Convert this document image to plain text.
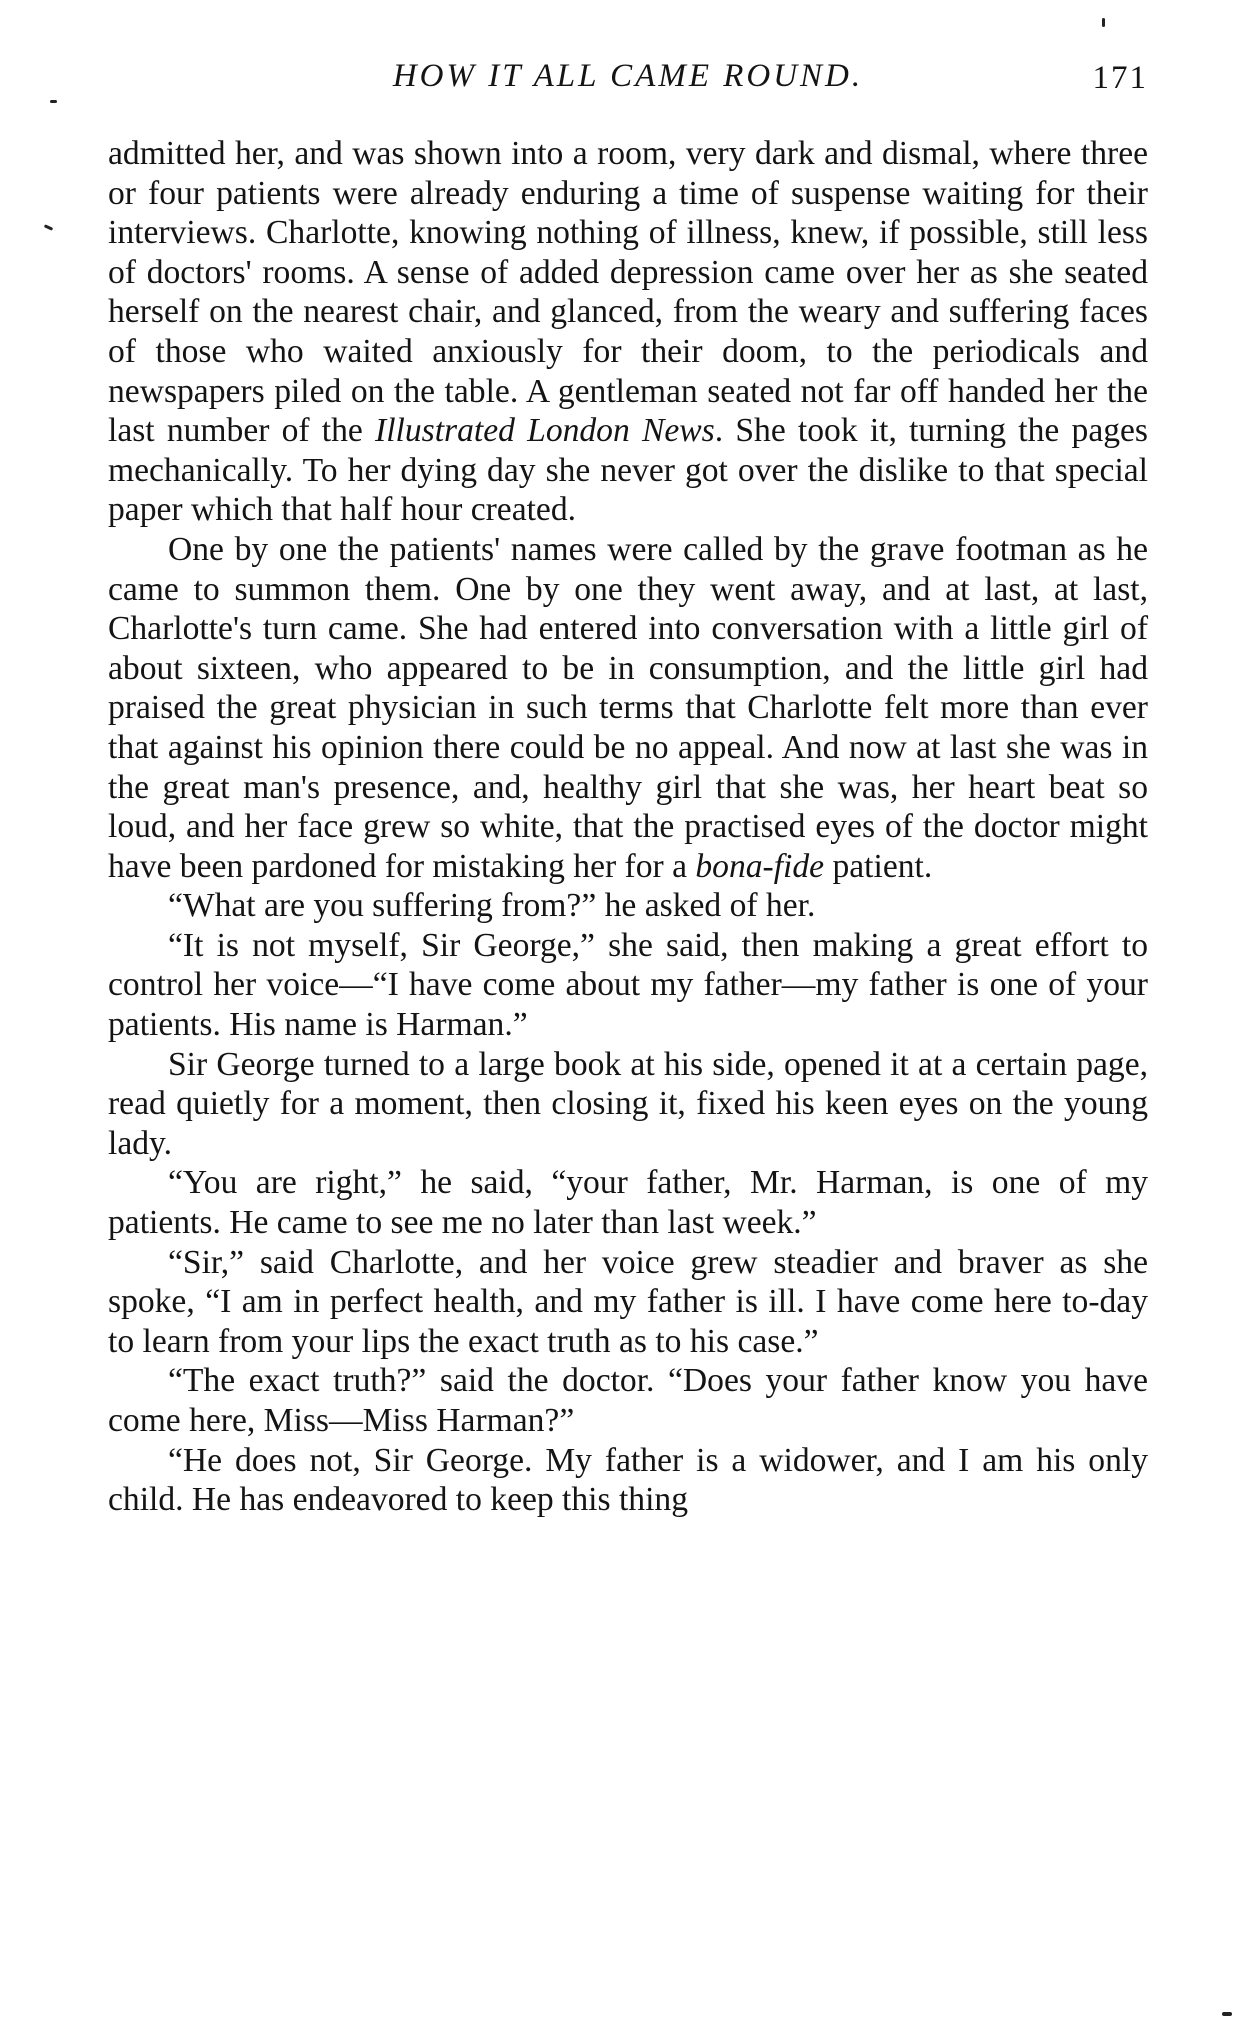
HOW IT ALL CAME ROUND.	171

admitted her, and was shown into a room, very dark and dismal, where three or four patients were already enduring a time of suspense waiting for their interviews. Charlotte, knowing nothing of illness, knew, if possible, still less of doctors' rooms. A sense of added depression came over her as she seated herself on the nearest chair, and glanced, from the weary and suffering faces of those who waited anxiously for their doom, to the periodicals and newspapers piled on the table. A gentleman seated not far off handed her the last number of the Illustrated London News. She took it, turning the pages mechanically. To her dying day she never got over the dislike to that special paper which that half hour created.

One by one the patients' names were called by the grave footman as he came to summon them. One by one they went away, and at last, at last, Charlotte's turn came. She had entered into conversation with a little girl of about sixteen, who appeared to be in consumption, and the little girl had praised the great physician in such terms that Charlotte felt more than ever that against his opinion there could be no appeal. And now at last she was in the great man's presence, and, healthy girl that she was, her heart beat so loud, and her face grew so white, that the practised eyes of the doctor might have been pardoned for mistaking her for a bona-fide patient.

“What are you suffering from?” he asked of her.

“It is not myself, Sir George,” she said, then making a great effort to control her voice—“I have come about my father—my father is one of your patients. His name is Harman.”

Sir George turned to a large book at his side, opened it at a certain page, read quietly for a moment, then closing it, fixed his keen eyes on the young lady.

“You are right,” he said, “your father, Mr. Harman, is one of my patients. He came to see me no later than last week.”

“Sir,” said Charlotte, and her voice grew steadier and braver as she spoke, “I am in perfect health, and my father is ill. I have come here to-day to learn from your lips the exact truth as to his case.”

“The exact truth?” said the doctor. “Does your father know you have come here, Miss—Miss Harman?”

“He does not, Sir George. My father is a widower, and I am his only child. He has endeavored to keep this thing
